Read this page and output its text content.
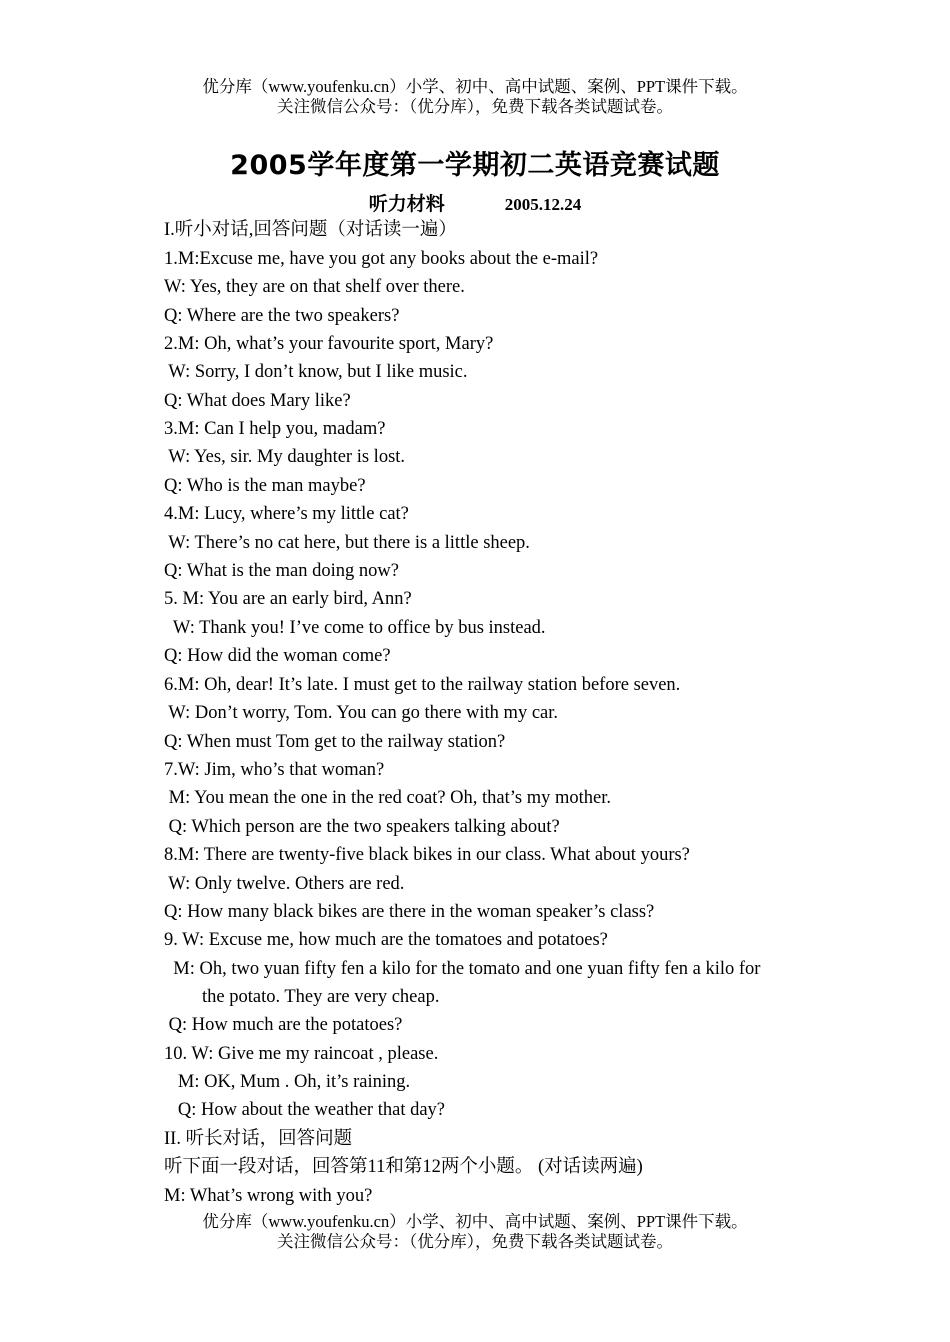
优分库（www.youfenku.cn）小学、初中、高中试题、案例、PPT课件下载。
关注微信公众号：（优分库），免费下载各类试题试卷。
2005学年度第一学期初二英语竞赛试题
听力材料	2005.12.24
I.听小对话,回答问题（对话读一遍）
1.M:Excuse me, have you got any books about the e-mail?
W: Yes, they are on that shelf over there.
Q: Where are the two speakers?
2.M: Oh, what’s your favourite sport, Mary?
W: Sorry, I don’t know, but I like music.
Q: What does Mary like?
3.M: Can I help you, madam?
W: Yes, sir. My daughter is lost.
Q: Who is the man maybe?
4.M: Lucy, where’s my little cat?
W: There’s no cat here, but there is a little sheep.
Q: What is the man doing now?
5. M: You are an early bird, Ann?
W: Thank you! I’ve come to office by bus instead.
Q: How did the woman come?
6.M: Oh, dear! It’s late. I must get to the railway station before seven.
W: Don’t worry, Tom. You can go there with my car.
Q: When must Tom get to the railway station?
7.W: Jim, who’s that woman?
M: You mean the one in the red coat? Oh, that’s my mother.
Q: Which person are the two speakers talking about?
8.M: There are twenty-five black bikes in our class. What about yours?
W: Only twelve. Others are red.
Q: How many black bikes are there in the woman speaker’s class?
9. W: Excuse me, how much are the tomatoes and potatoes?
M: Oh, two yuan fifty fen a kilo for the tomato and one yuan fifty fen a kilo for
the potato. They are very cheap.
Q: How much are the potatoes?
10. W: Give me my raincoat , please.
M: OK, Mum . Oh, it’s raining.
Q: How about the weather that day?
II. 听长对话，回答问题
听下面一段对话，回答第11和第12两个小题。 (对话读两遍)
M: What’s wrong with you?
优分库（www.youfenku.cn）小学、初中、高中试题、案例、PPT课件下载。
关注微信公众号：（优分库），免费下载各类试题试卷。
